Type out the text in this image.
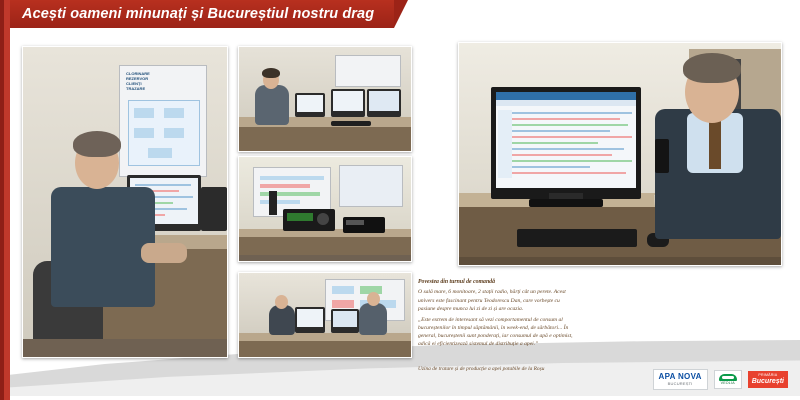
Acești oameni minunați și Bucureștiul nostru drag
CLORINARE
REZERVOR
CLIENȚI
TRAZARE
Povestea din turnul de comandă

O sală mare, 6 monitoare, 2 stații radio, hărți cât un perete. Acest univers este fascinant pentru Teodorescu Dan, care vorbește cu pasiune despre munca lui zi de zi și are ocazia.

„Este extrem de interesant să vezi comportamentul de consum al bucureștenilor în timpul săptămânii, în week-end, de sărbători... În general, bucureștenii sunt ponderați, iar consumul de apă e optimist, adică ei eficientizează sistemul de distribuție a apei.”

Uzina de tratare și de producție a apei potabile de la Roșu
APA NOVA
BUCUREȘTI	VEOLIA
PRIMĂRIA
București
